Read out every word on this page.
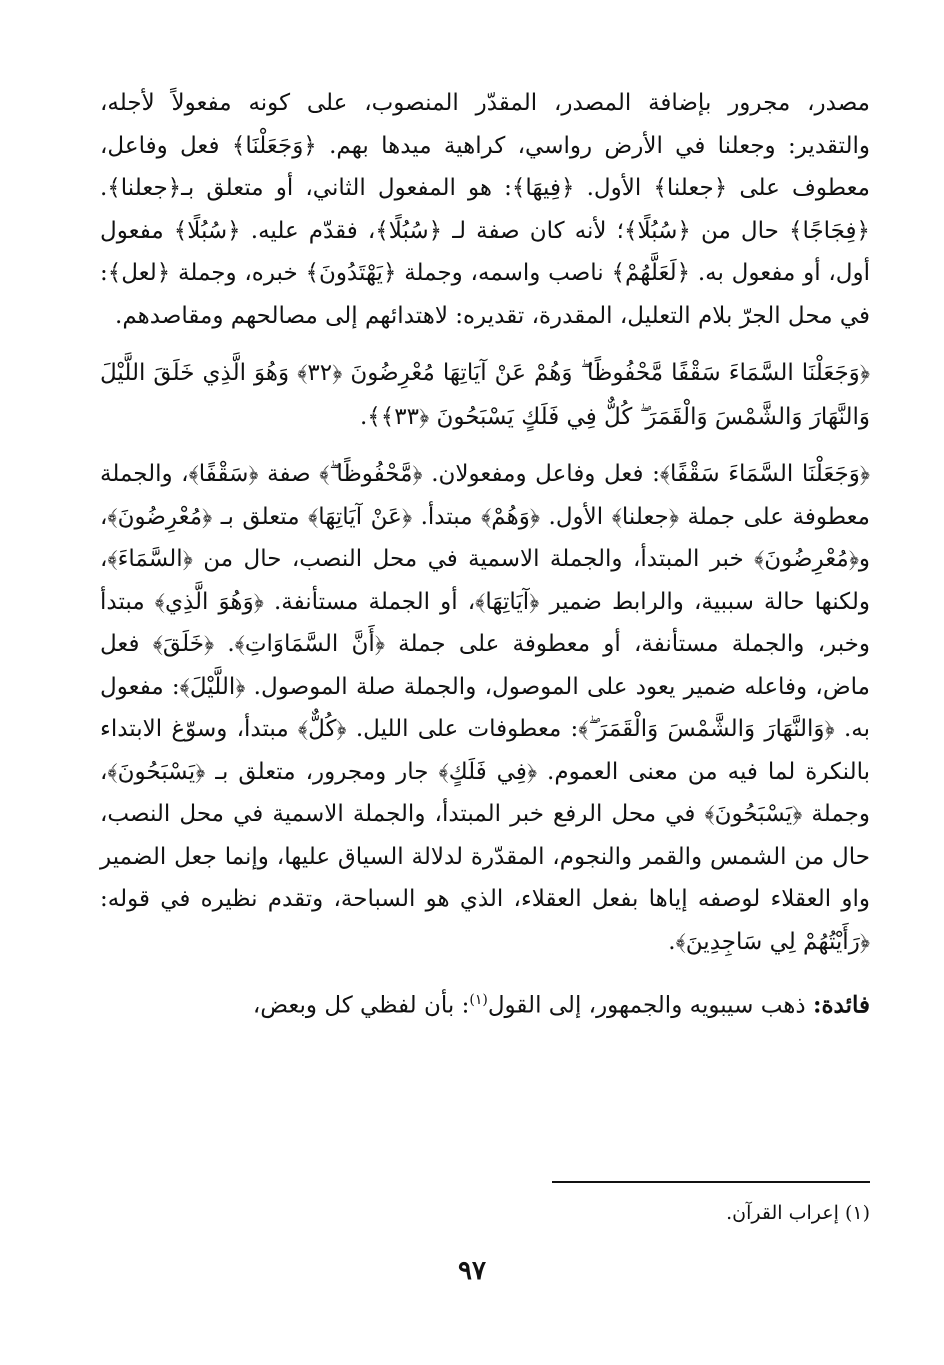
مصدر، مجرور بإضافة المصدر، المقدّر المنصوب، على كونه مفعولاً لأجله، والتقدير: وجعلنا في الأرض رواسي، كراهية ميدها بهم. ﴿وَجَعَلْنَا﴾ فعل وفاعل، معطوف على ﴿جعلنا﴾ الأول. ﴿فِيهَا﴾: هو المفعول الثاني، أو متعلق بـ﴿جعلنا﴾. ﴿فِجَاجًا﴾ حال من ﴿سُبُلًا﴾؛ لأنه كان صفة لـ ﴿سُبُلًا﴾، فقدّم عليه. ﴿سُبُلًا﴾ مفعول أول، أو مفعول به. ﴿لَعَلَّهُمْ﴾ ناصب واسمه، وجملة ﴿يَهْتَدُونَ﴾ خبره، وجملة ﴿لعل﴾: في محل الجرّ بلام التعليل، المقدرة، تقديره: لاهتدائهم إلى مصالحهم ومقاصدهم.

﴿وَجَعَلْنَا السَّمَاءَ سَقْفًا مَّحْفُوظًا ۖ وَهُمْ عَنْ آيَاتِهَا مُعْرِضُونَ ﴿٣٢﴾ وَهُوَ الَّذِي خَلَقَ اللَّيْلَ وَالنَّهَارَ وَالشَّمْسَ وَالْقَمَرَ ۖ كُلٌّ فِي فَلَكٍ يَسْبَحُونَ ﴿٣٣﴾﴾.

﴿وَجَعَلْنَا السَّمَاءَ سَقْفًا﴾: فعل وفاعل ومفعولان. ﴿مَّحْفُوظًا ۖ﴾ صفة ﴿سَقْفًا﴾، والجملة معطوفة على جملة ﴿جعلنا﴾ الأول. ﴿وَهُمْ﴾ مبتدأ. ﴿عَنْ آيَاتِهَا﴾ متعلق بـ ﴿مُعْرِضُونَ﴾، و﴿مُعْرِضُونَ﴾ خبر المبتدأ، والجملة الاسمية في محل النصب، حال من ﴿السَّمَاءَ﴾، ولكنها حالة سببية، والرابط ضمير ﴿آيَاتِهَا﴾، أو الجملة مستأنفة. ﴿وَهُوَ الَّذِي﴾ مبتدأ وخبر، والجملة مستأنفة، أو معطوفة على جملة ﴿أَنَّ السَّمَاوَاتِ﴾. ﴿خَلَقَ﴾ فعل ماض، وفاعله ضمير يعود على الموصول، والجملة صلة الموصول. ﴿اللَّيْلَ﴾: مفعول به. ﴿وَالنَّهَارَ وَالشَّمْسَ وَالْقَمَرَ ۖ﴾: معطوفات على الليل. ﴿كُلٌّ﴾ مبتدأ، وسوّغ الابتداء بالنكرة لما فيه من معنى العموم. ﴿فِي فَلَكٍ﴾ جار ومجرور، متعلق بـ ﴿يَسْبَحُونَ﴾، وجملة ﴿يَسْبَحُونَ﴾ في محل الرفع خبر المبتدأ، والجملة الاسمية في محل النصب، حال من الشمس والقمر والنجوم، المقدّرة لدلالة السياق عليها، وإنما جعل الضمير واو العقلاء لوصفه إياها بفعل العقلاء، الذي هو السباحة، وتقدم نظيره في قوله: ﴿رَأَيْتُهُمْ لِي سَاجِدِينَ﴾.

فائدة: ذهب سيبويه والجمهور، إلى القول$^{(١)}$: بأن لفظي كل وبعض،

(١) إعراب القرآن.
٩٧
